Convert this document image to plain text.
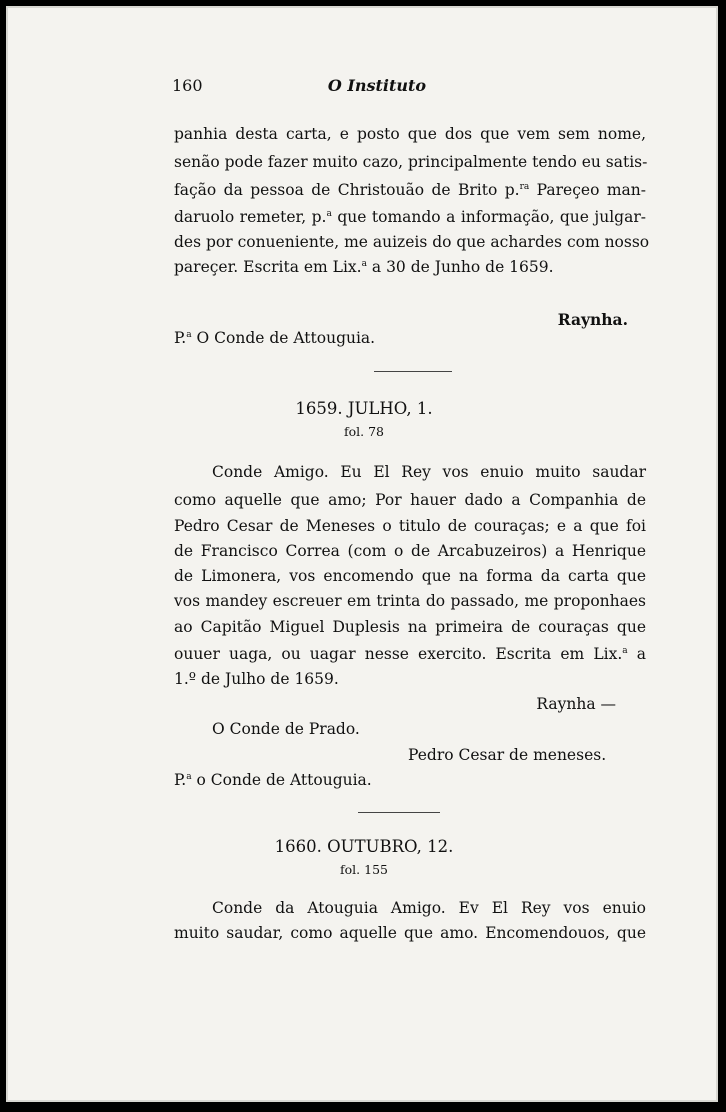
160	O Instituto
panhia desta carta, e posto que dos que vem sem nome,
senão pode fazer muito cazo, principalmente tendo eu satis-
fação da pessoa de Christouão de Brito p.$^{ra}$ Pareçeo man-
daruolo remeter, p.$^a$ que tomando a informação, que julgar-
des por conueniente, me auizeis do que achardes com nosso
pareçer. Escrita em Lix.$^a$ a 30 de Junho de 1659.
Raynha.
P.$^a$ O Conde de Attouguia.
1659. JULHO, 1.
fol. 78
Conde Amigo. Eu El Rey vos enuio muito saudar
como aquelle que amo; Por hauer dado a Companhia de
Pedro Cesar de Meneses o titulo de couraças; e a que foi
de Francisco Correa (com o de Arcabuzeiros) a Henrique
de Limonera, vos encomendo que na forma da carta que
vos mandey escreuer em trinta do passado, me proponhaes
ao Capitão Miguel Duplesis na primeira de couraças que
ouuer uaga, ou uagar nesse exercito. Escrita em Lix.$^a$ a
1.º de Julho de 1659.
Raynha —
O Conde de Prado.
Pedro Cesar de meneses.
P.$^a$ o Conde de Attouguia.
1660. OUTUBRO, 12.
fol. 155
Conde da Atouguia Amigo. Ev El Rey vos enuio
muito saudar, como aquelle que amo. Encomendouos, que
